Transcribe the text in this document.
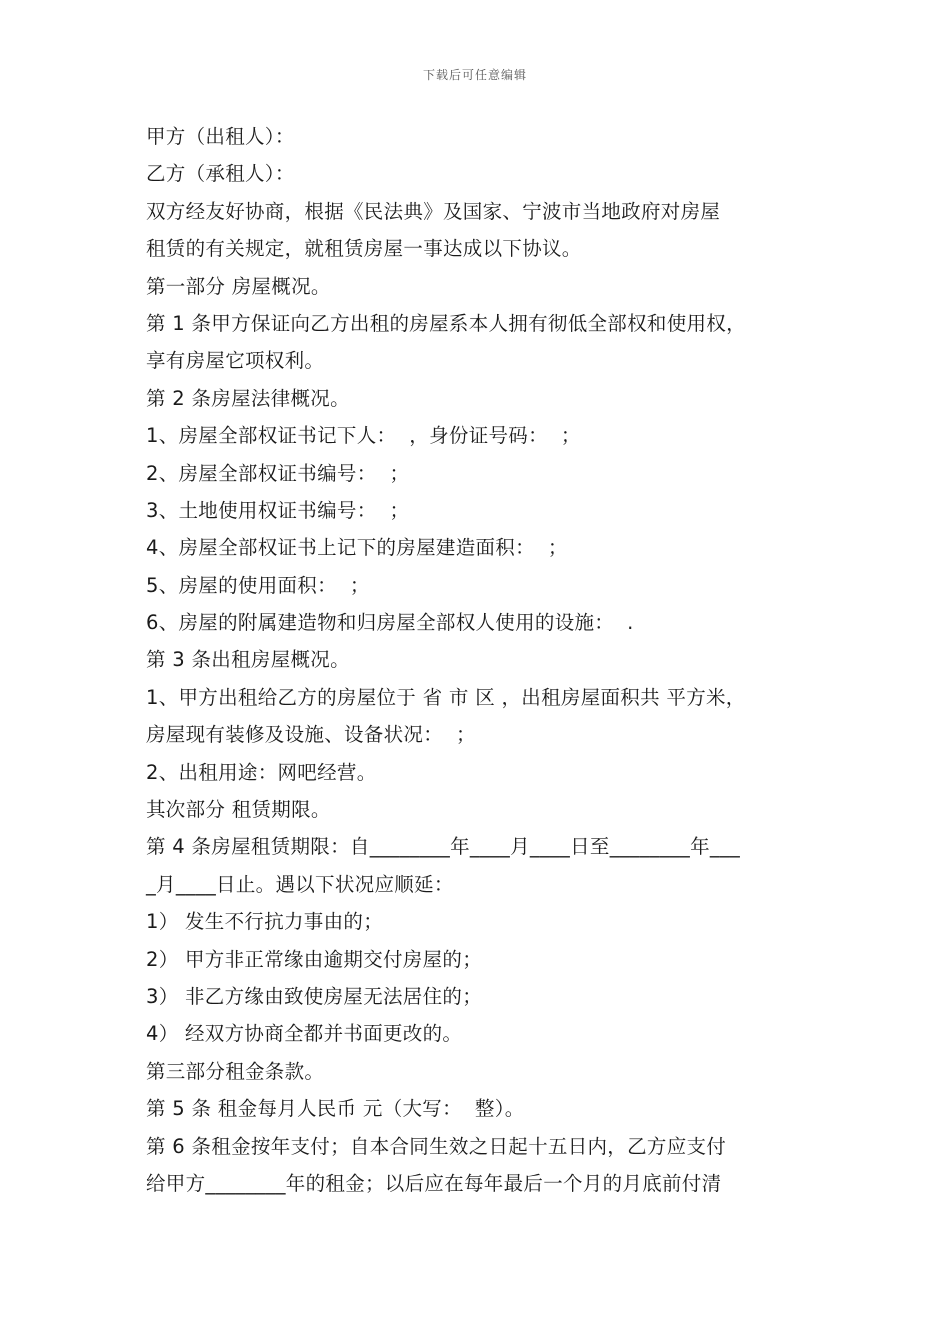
下载后可任意编辑
甲方（出租人）：
乙方（承租人）：
双方经友好协商，根据《民法典》及国家、宁波市当地政府对房屋
租赁的有关规定，就租赁房屋一事达成以下协议。
第一部分 房屋概况。
第 1 条甲方保证向乙方出租的房屋系本人拥有彻低全部权和使用权，
享有房屋它项权利。
第 2 条房屋法律概况。
1、房屋全部权证书记下人：  ，身份证号码：  ；
2、房屋全部权证书编号：  ；
3、土地使用权证书编号：  ；
4、房屋全部权证书上记下的房屋建造面积：  ；
5、房屋的使用面积：  ；
6、房屋的附属建造物和归房屋全部权人使用的设施：  .
第 3 条出租房屋概况。
1、甲方出租给乙方的房屋位于 省 市 区 ，出租房屋面积共 平方米，
房屋现有装修及设施、设备状况：  ；
2、出租用途：网吧经营。
其次部分 租赁期限。
第 4 条房屋租赁期限：自________年____月____日至________年___
_月____日止。遇以下状况应顺延：
1） 发生不行抗力事由的；
2） 甲方非正常缘由逾期交付房屋的；
3） 非乙方缘由致使房屋无法居住的；
4） 经双方协商全都并书面更改的。
第三部分租金条款。
第 5 条 租金每月人民币 元（大写：  整）。
第 6 条租金按年支付；自本合同生效之日起十五日内，乙方应支付
给甲方________年的租金；以后应在每年最后一个月的月底前付清
